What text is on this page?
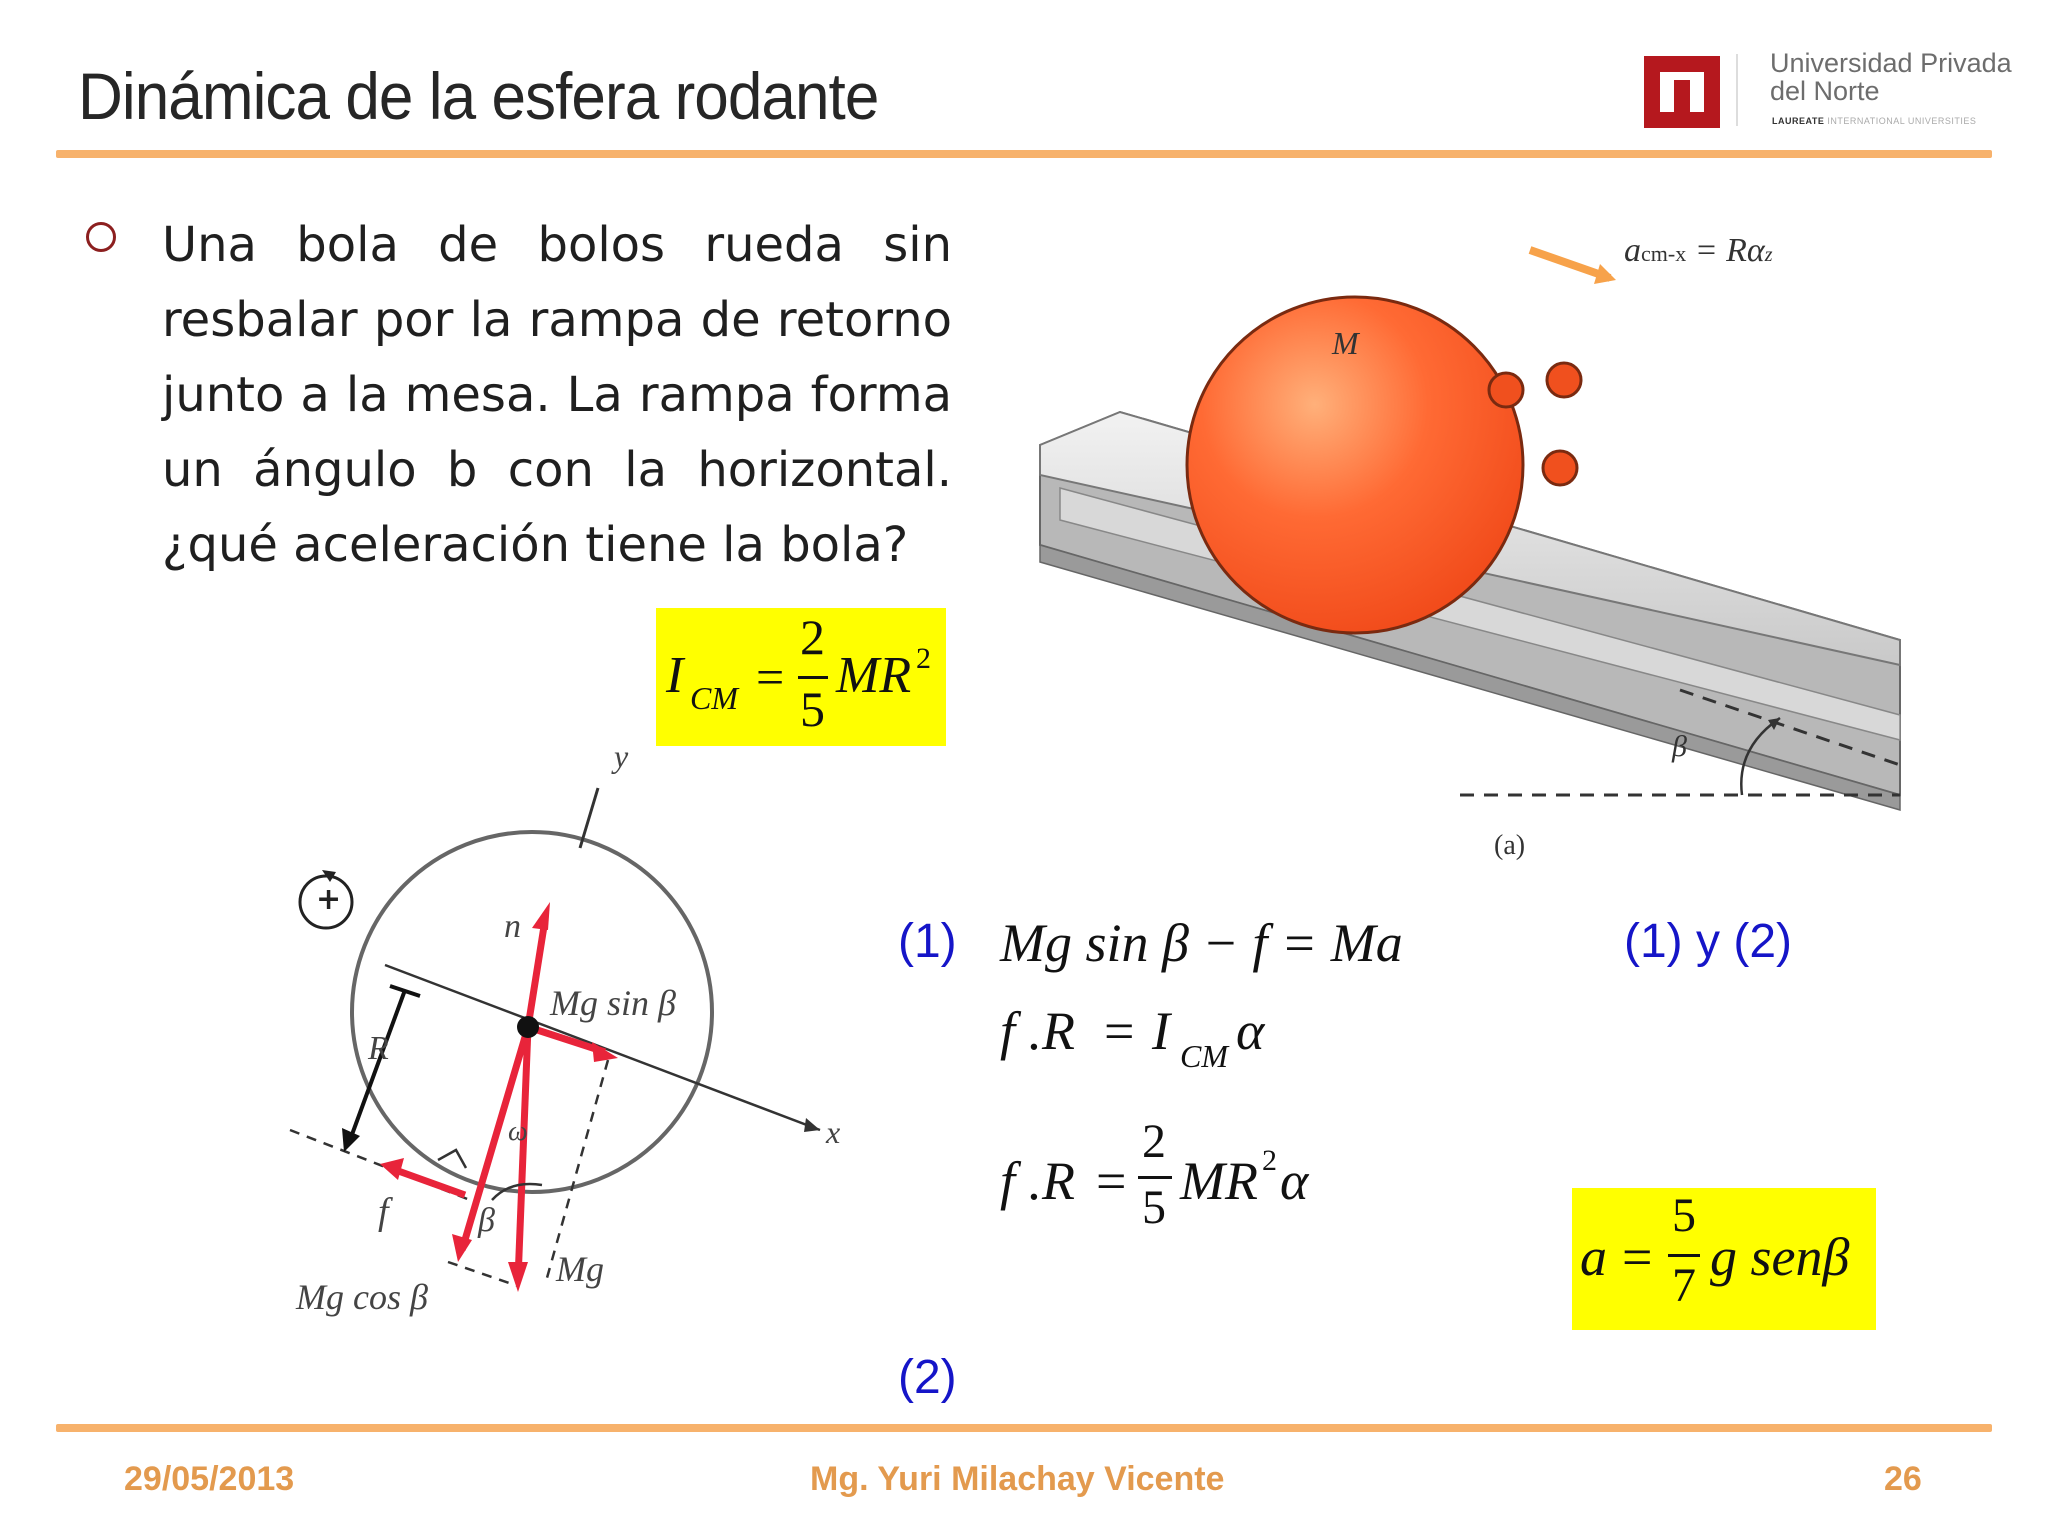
Dinámica de la esfera rodante	Universidad Privada
del Norte
LAUREATE INTERNATIONAL UNIVERSITIES
Una bola de bolos rueda sin resbalar por la rampa de retorno junto a la mesa. La rampa forma un ángulo b con la horizontal. ¿qué aceleración tiene la bola?
I CM =
2
5
MR 2
acm-x = Rαz
M
β
(a)
y
x
n
Mg sin β
R
f	β
Mg
Mg cos β
+
ω
(1) Mg sin β − f = Ma
f .R = I CM α
f .R =
2
5 MR 2 α
(2)
(1) y (2)
a =
5
7 g senβ
29/05/2013	Mg. Yuri Milachay Vicente	26
